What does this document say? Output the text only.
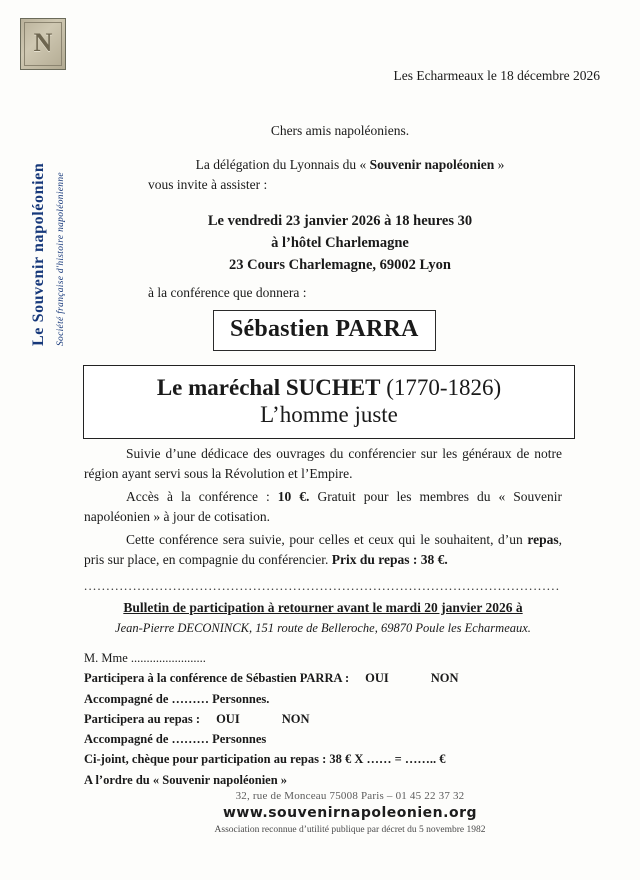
N
Le Souvenir napoléonien Société française d'histoire napoléonienne
Les Echarmeaux le 18 décembre 2026
Chers amis napoléoniens.
La délégation du Lyonnais du « Souvenir napoléonien »
vous invite à assister :
Le vendredi 23 janvier 2026 à 18 heures 30
à l’hôtel Charlemagne
23 Cours Charlemagne, 69002 Lyon
à la conférence que donnera :
Sébastien PARRA
Le maréchal SUCHET (1770-1826)
L’homme juste
Suivie d’une dédicace des ouvrages du conférencier sur les généraux de notre région ayant servi sous la Révolution et l’Empire.
Accès à la conférence : 10 €. Gratuit pour les membres du « Souvenir napoléonien » à jour de cotisation.
Cette conférence sera suivie, pour celles et ceux qui le souhaitent, d’un repas, pris sur place, en compagnie du conférencier. Prix du repas : 38 €.
...........................................................................................................
Bulletin de participation à retourner avant le mardi 20 janvier 2026 à
Jean-Pierre DECONINCK, 151 route de Belleroche, 69870 Poule les Echarmeaux.
M. Mme ........................
Participera à la conférence de Sébastien PARRA : OUI	NON
Accompagné de ……… Personnes.
Participera au repas : OUI	NON
Accompagné de ……… Personnes
Ci-joint, chèque pour participation au repas : 38 € X …… = …….. €
A l’ordre du « Souvenir napoléonien »
32, rue de Monceau 75008 Paris – 01 45 22 37 32
www.souvenirnapoleonien.org
Association reconnue d’utilité publique par décret du 5 novembre 1982
